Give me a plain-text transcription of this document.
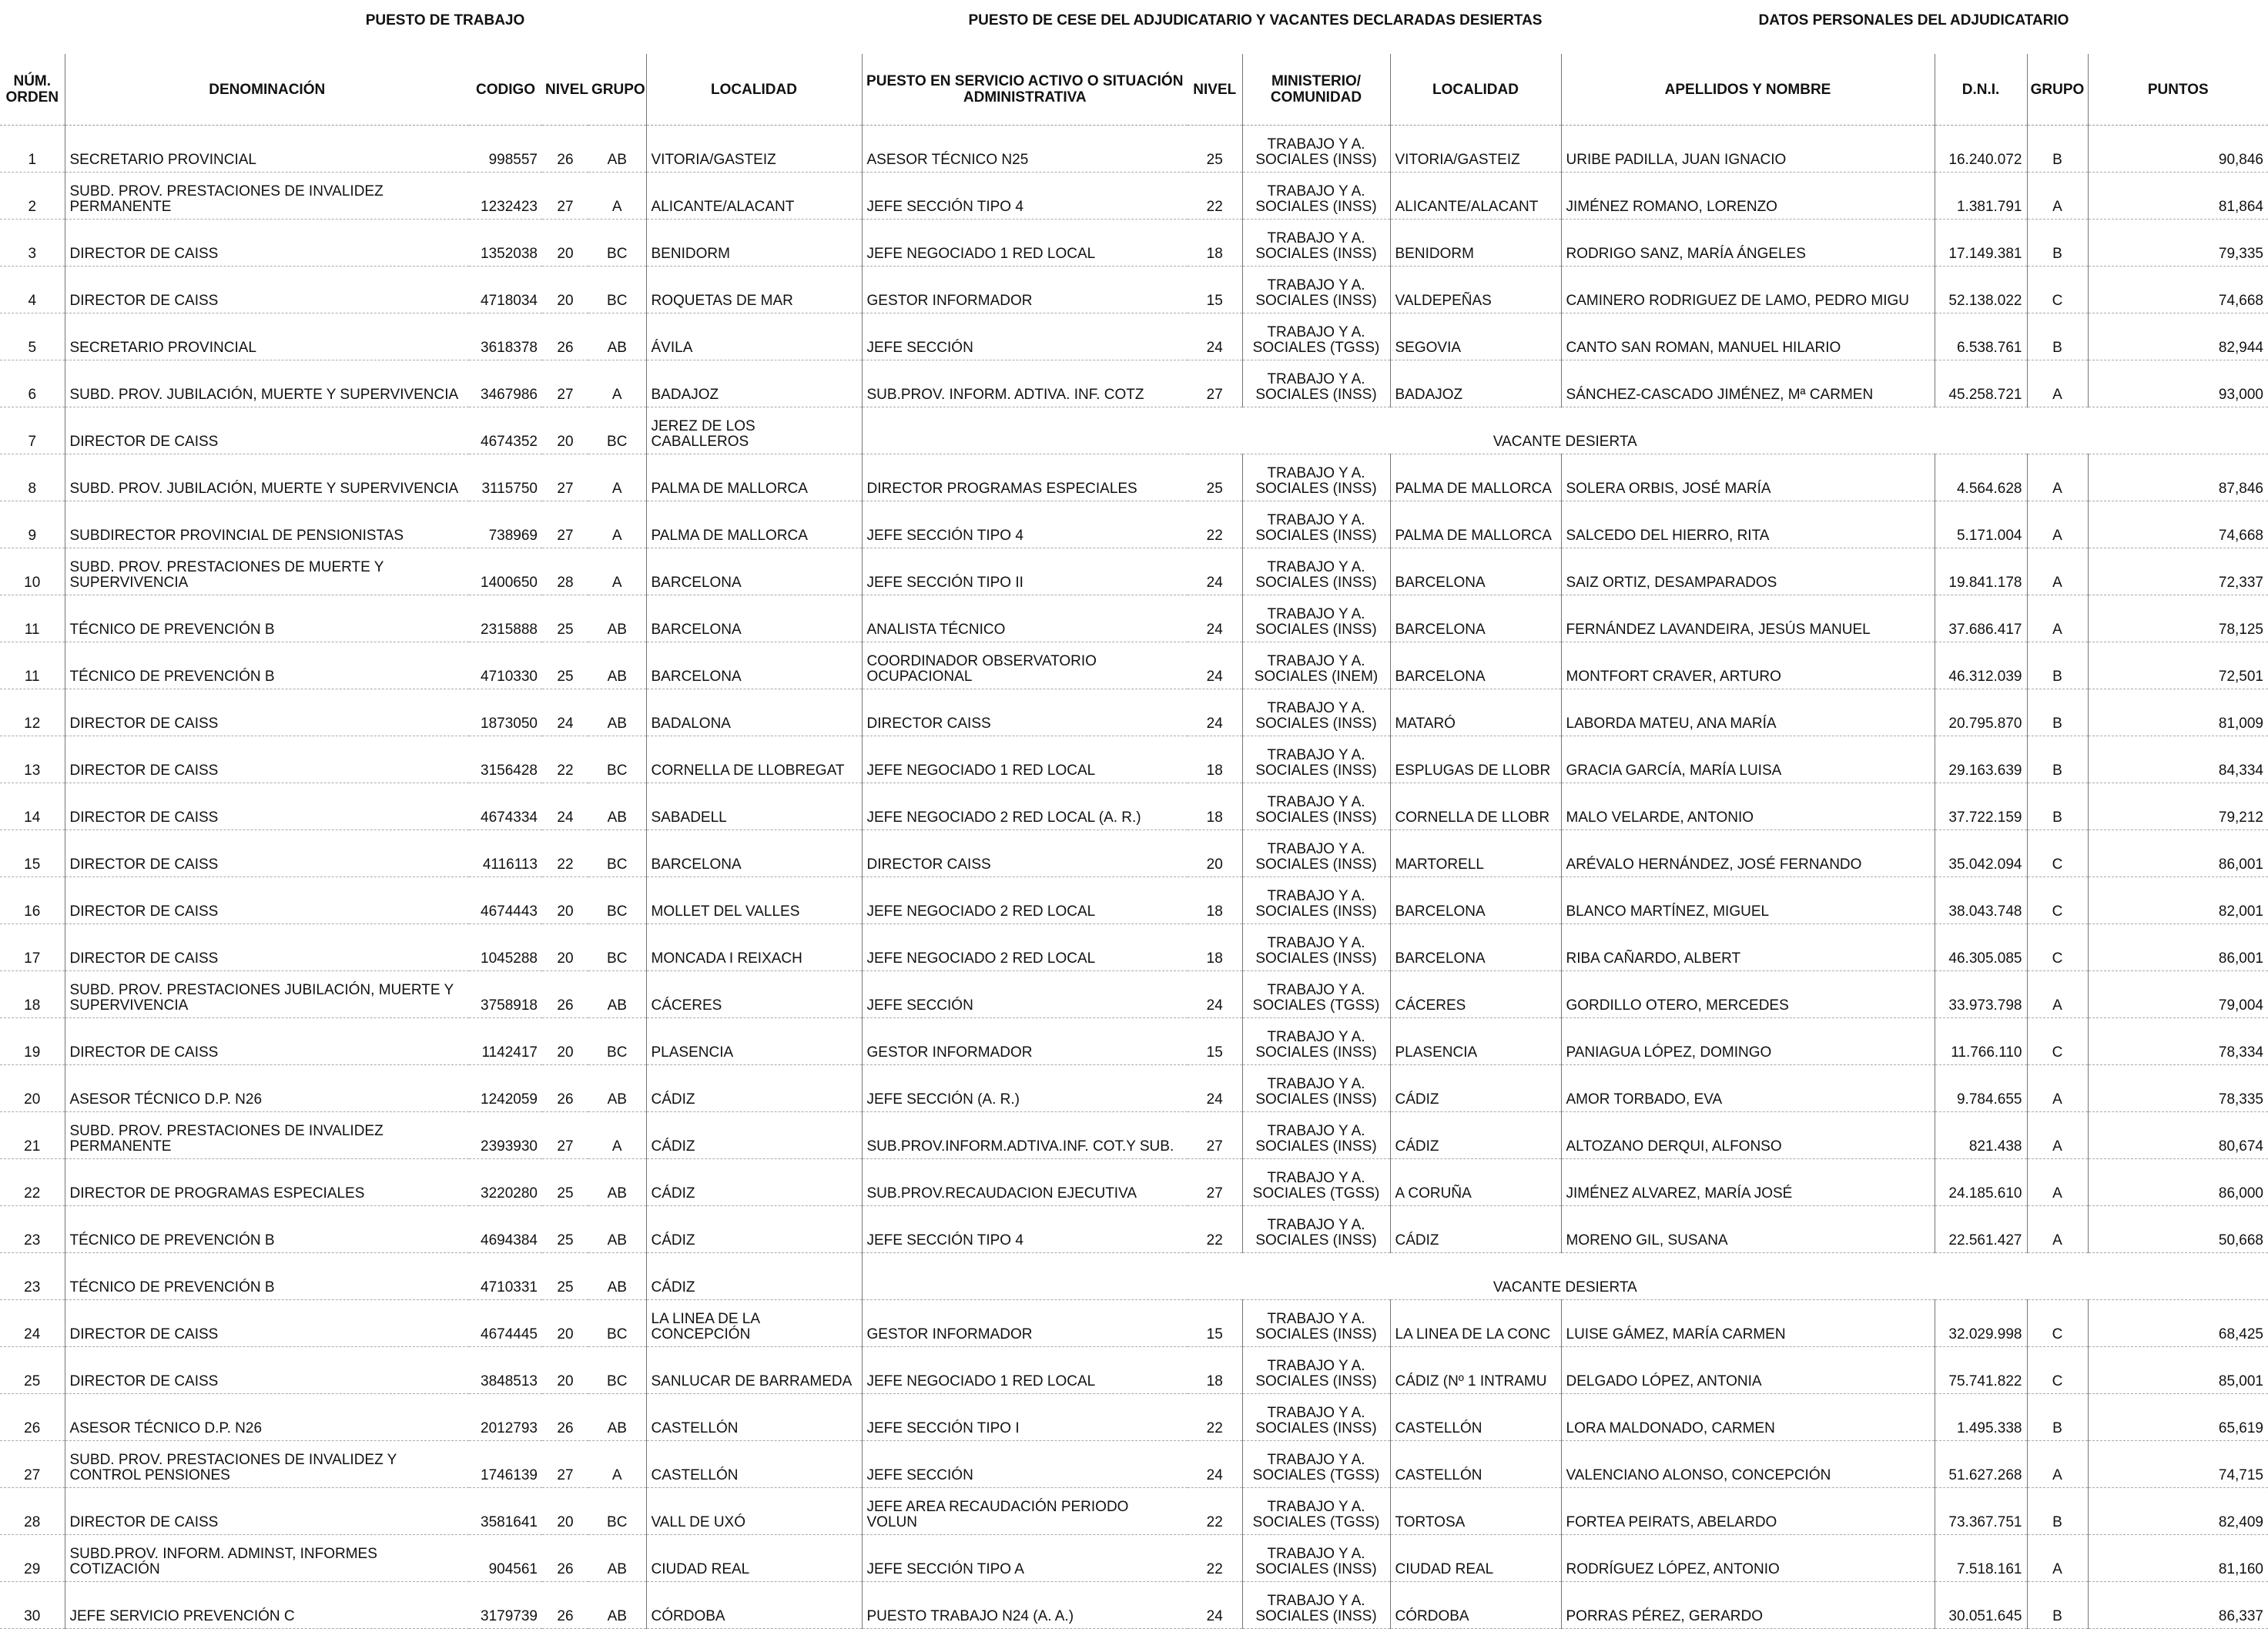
PUESTO DE TRABAJO	PUESTO DE CESE DEL ADJUDICATARIO Y VACANTES DECLARADAS DESIERTAS	DATOS PERSONALES DEL ADJUDICATARIO
NÚM. ORDEN	DENOMINACIÓN	CODIGO	NIVEL	GRUPO	LOCALIDAD	PUESTO EN SERVICIO ACTIVO O SITUACIÓN ADMINISTRATIVA	NIVEL	MINISTERIO/ COMUNIDAD	LOCALIDAD	APELLIDOS Y NOMBRE	D.N.I.	GRUPO	PUNTOS
1	SECRETARIO PROVINCIAL	998557	26	AB	VITORIA/GASTEIZ	ASESOR TÉCNICO N25	25	TRABAJO Y A. SOCIALES (INSS)	VITORIA/GASTEIZ	URIBE PADILLA, JUAN IGNACIO	16.240.072	B	90,846
2	SUBD. PROV. PRESTACIONES DE INVALIDEZ PERMANENTE	1232423	27	A	ALICANTE/ALACANT	JEFE SECCIÓN TIPO 4	22	TRABAJO Y A. SOCIALES (INSS)	ALICANTE/ALACANT	JIMÉNEZ ROMANO, LORENZO	1.381.791	A	81,864
3	DIRECTOR DE CAISS	1352038	20	BC	BENIDORM	JEFE NEGOCIADO 1 RED LOCAL	18	TRABAJO Y A. SOCIALES (INSS)	BENIDORM	RODRIGO SANZ, MARÍA ÁNGELES	17.149.381	B	79,335
4	DIRECTOR DE CAISS	4718034	20	BC	ROQUETAS DE MAR	GESTOR INFORMADOR	15	TRABAJO Y A. SOCIALES (INSS)	VALDEPEÑAS	CAMINERO RODRIGUEZ DE LAMO, PEDRO MIGU	52.138.022	C	74,668
5	SECRETARIO PROVINCIAL	3618378	26	AB	ÁVILA	JEFE SECCIÓN	24	TRABAJO Y A. SOCIALES (TGSS)	SEGOVIA	CANTO SAN ROMAN, MANUEL HILARIO	6.538.761	B	82,944
6	SUBD. PROV. JUBILACIÓN, MUERTE Y SUPERVIVENCIA	3467986	27	A	BADAJOZ	SUB.PROV. INFORM. ADTIVA. INF. COTZ	27	TRABAJO Y A. SOCIALES (INSS)	BADAJOZ	SÁNCHEZ-CASCADO JIMÉNEZ, Mª CARMEN	45.258.721	A	93,000
7	DIRECTOR DE CAISS	4674352	20	BC	JEREZ DE LOS CABALLEROS	VACANTE DESIERTA							
8	SUBD. PROV. JUBILACIÓN, MUERTE Y SUPERVIVENCIA	3115750	27	A	PALMA DE MALLORCA	DIRECTOR PROGRAMAS ESPECIALES	25	TRABAJO Y A. SOCIALES (INSS)	PALMA DE MALLORCA	SOLERA ORBIS, JOSÉ MARÍA	4.564.628	A	87,846
9	SUBDIRECTOR PROVINCIAL DE PENSIONISTAS	738969	27	A	PALMA DE MALLORCA	JEFE SECCIÓN TIPO 4	22	TRABAJO Y A. SOCIALES (INSS)	PALMA DE MALLORCA	SALCEDO DEL HIERRO, RITA	5.171.004	A	74,668
10	SUBD. PROV. PRESTACIONES DE MUERTE Y SUPERVIVENCIA	1400650	28	A	BARCELONA	JEFE SECCIÓN TIPO II	24	TRABAJO Y A. SOCIALES (INSS)	BARCELONA	SAIZ ORTIZ, DESAMPARADOS	19.841.178	A	72,337
11	TÉCNICO DE PREVENCIÓN B	2315888	25	AB	BARCELONA	ANALISTA TÉCNICO	24	TRABAJO Y A. SOCIALES (INSS)	BARCELONA	FERNÁNDEZ LAVANDEIRA, JESÚS MANUEL	37.686.417	A	78,125
11	TÉCNICO DE PREVENCIÓN B	4710330	25	AB	BARCELONA	COORDINADOR OBSERVATORIO OCUPACIONAL	24	TRABAJO Y A. SOCIALES (INEM)	BARCELONA	MONTFORT CRAVER, ARTURO	46.312.039	B	72,501
12	DIRECTOR DE CAISS	1873050	24	AB	BADALONA	DIRECTOR CAISS	24	TRABAJO Y A. SOCIALES (INSS)	MATARÓ	LABORDA MATEU, ANA MARÍA	20.795.870	B	81,009
13	DIRECTOR DE CAISS	3156428	22	BC	CORNELLA DE LLOBREGAT	JEFE NEGOCIADO 1 RED LOCAL	18	TRABAJO Y A. SOCIALES (INSS)	ESPLUGAS DE LLOBR	GRACIA GARCÍA, MARÍA LUISA	29.163.639	B	84,334
14	DIRECTOR DE CAISS	4674334	24	AB	SABADELL	JEFE NEGOCIADO 2 RED LOCAL (A. R.)	18	TRABAJO Y A. SOCIALES (INSS)	CORNELLA DE LLOBR	MALO VELARDE, ANTONIO	37.722.159	B	79,212
15	DIRECTOR DE CAISS	4116113	22	BC	BARCELONA	DIRECTOR CAISS	20	TRABAJO Y A. SOCIALES (INSS)	MARTORELL	ARÉVALO HERNÁNDEZ, JOSÉ FERNANDO	35.042.094	C	86,001
16	DIRECTOR DE CAISS	4674443	20	BC	MOLLET DEL VALLES	JEFE NEGOCIADO 2 RED LOCAL	18	TRABAJO Y A. SOCIALES (INSS)	BARCELONA	BLANCO MARTÍNEZ, MIGUEL	38.043.748	C	82,001
17	DIRECTOR DE CAISS	1045288	20	BC	MONCADA I REIXACH	JEFE NEGOCIADO 2 RED LOCAL	18	TRABAJO Y A. SOCIALES (INSS)	BARCELONA	RIBA CAÑARDO, ALBERT	46.305.085	C	86,001
18	SUBD. PROV. PRESTACIONES JUBILACIÓN, MUERTE Y SUPERVIVENCIA	3758918	26	AB	CÁCERES	JEFE SECCIÓN	24	TRABAJO Y A. SOCIALES (TGSS)	CÁCERES	GORDILLO OTERO, MERCEDES	33.973.798	A	79,004
19	DIRECTOR DE CAISS	1142417	20	BC	PLASENCIA	GESTOR INFORMADOR	15	TRABAJO Y A. SOCIALES (INSS)	PLASENCIA	PANIAGUA LÓPEZ, DOMINGO	11.766.110	C	78,334
20	ASESOR TÉCNICO D.P. N26	1242059	26	AB	CÁDIZ	JEFE SECCIÓN (A. R.)	24	TRABAJO Y A. SOCIALES (INSS)	CÁDIZ	AMOR TORBADO, EVA	9.784.655	A	78,335
21	SUBD. PROV. PRESTACIONES DE INVALIDEZ PERMANENTE	2393930	27	A	CÁDIZ	SUB.PROV.INFORM.ADTIVA.INF. COT.Y SUB.	27	TRABAJO Y A. SOCIALES (INSS)	CÁDIZ	ALTOZANO DERQUI, ALFONSO	821.438	A	80,674
22	DIRECTOR DE PROGRAMAS ESPECIALES	3220280	25	AB	CÁDIZ	SUB.PROV.RECAUDACION EJECUTIVA	27	TRABAJO Y A. SOCIALES (TGSS)	A CORUÑA	JIMÉNEZ ALVAREZ, MARÍA JOSÉ	24.185.610	A	86,000
23	TÉCNICO DE PREVENCIÓN B	4694384	25	AB	CÁDIZ	JEFE SECCIÓN TIPO 4	22	TRABAJO Y A. SOCIALES (INSS)	CÁDIZ	MORENO GIL, SUSANA	22.561.427	A	50,668
23	TÉCNICO DE PREVENCIÓN B	4710331	25	AB	CÁDIZ	VACANTE DESIERTA							
24	DIRECTOR DE CAISS	4674445	20	BC	LA LINEA DE LA CONCEPCIÓN	GESTOR INFORMADOR	15	TRABAJO Y A. SOCIALES (INSS)	LA LINEA DE LA CONC	LUISE GÁMEZ, MARÍA CARMEN	32.029.998	C	68,425
25	DIRECTOR DE CAISS	3848513	20	BC	SANLUCAR DE BARRAMEDA	JEFE NEGOCIADO 1 RED LOCAL	18	TRABAJO Y A. SOCIALES (INSS)	CÁDIZ (Nº 1 INTRAMU	DELGADO LÓPEZ, ANTONIA	75.741.822	C	85,001
26	ASESOR TÉCNICO D.P. N26	2012793	26	AB	CASTELLÓN	JEFE SECCIÓN TIPO I	22	TRABAJO Y A. SOCIALES (INSS)	CASTELLÓN	LORA MALDONADO, CARMEN	1.495.338	B	65,619
27	SUBD. PROV. PRESTACIONES DE INVALIDEZ Y CONTROL PENSIONES	1746139	27	A	CASTELLÓN	JEFE SECCIÓN	24	TRABAJO Y A. SOCIALES (TGSS)	CASTELLÓN	VALENCIANO ALONSO, CONCEPCIÓN	51.627.268	A	74,715
28	DIRECTOR DE CAISS	3581641	20	BC	VALL DE UXÓ	JEFE AREA RECAUDACIÓN PERIODO VOLUN	22	TRABAJO Y A. SOCIALES (TGSS)	TORTOSA	FORTEA PEIRATS, ABELARDO	73.367.751	B	82,409
29	SUBD.PROV. INFORM. ADMINST, INFORMES COTIZACIÓN	904561	26	AB	CIUDAD REAL	JEFE SECCIÓN TIPO A	22	TRABAJO Y A. SOCIALES (INSS)	CIUDAD REAL	RODRÍGUEZ LÓPEZ, ANTONIO	7.518.161	A	81,160
30	JEFE SERVICIO PREVENCIÓN C	3179739	26	AB	CÓRDOBA	PUESTO TRABAJO N24 (A. A.)	24	TRABAJO Y A. SOCIALES (INSS)	CÓRDOBA	PORRAS PÉREZ, GERARDO	30.051.645	B	86,337
